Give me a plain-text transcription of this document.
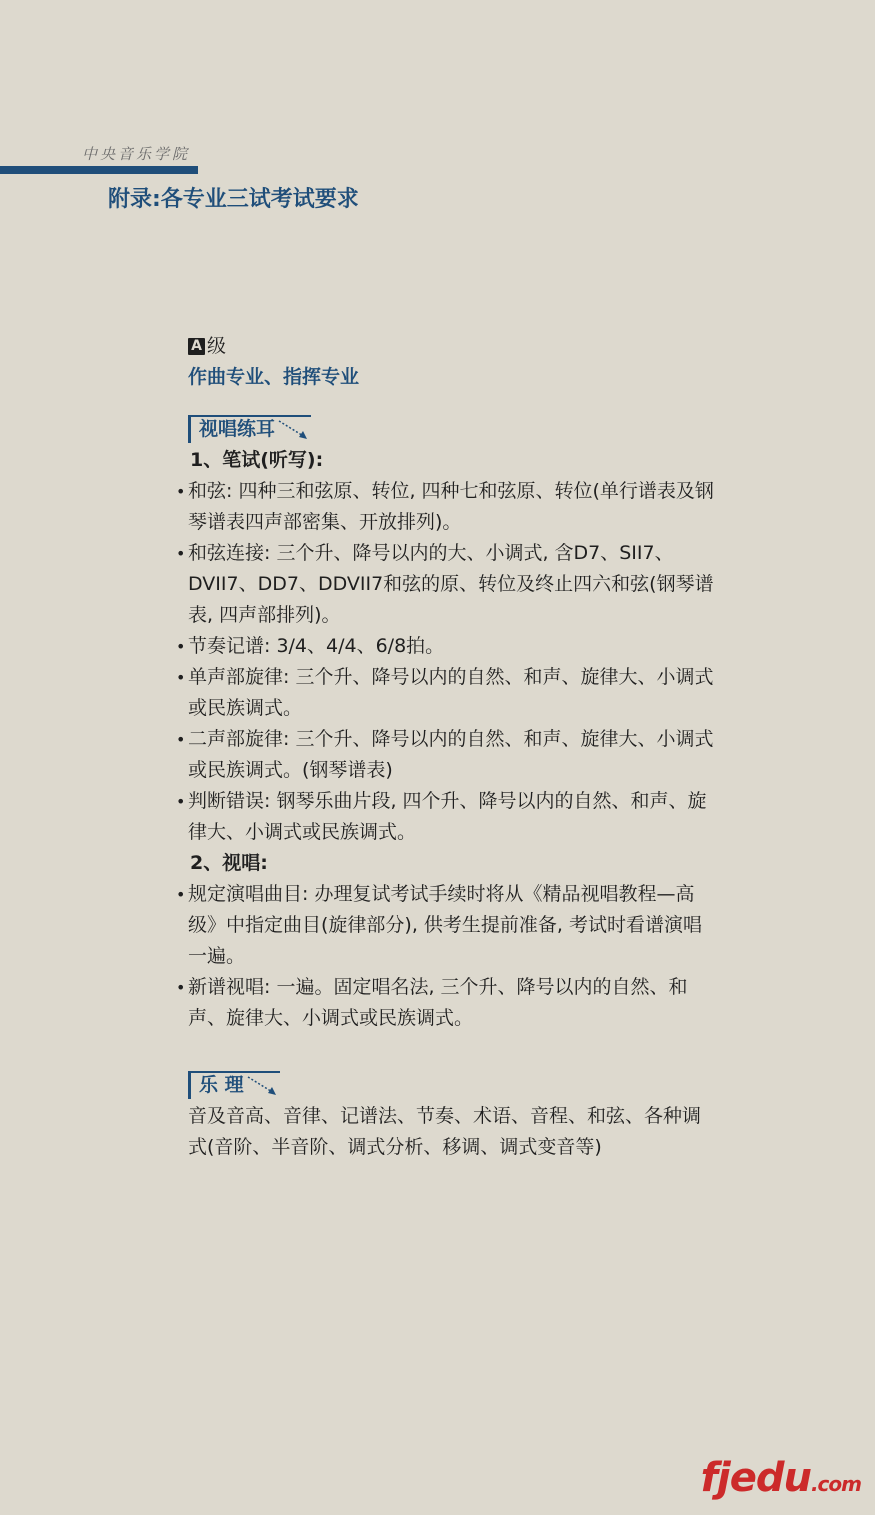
中央音乐学院
附录:各专业三试考试要求
A 级
作曲专业、指挥专业
视唱练耳

1、笔试(听写):

• 和弦: 四种三和弦原、转位, 四种七和弦原、转位(单行谱表及钢琴谱表四声部密集、开放排列)。

• 和弦连接: 三个升、降号以内的大、小调式, 含D7、SII7、DVII7、DD7、DDVII7和弦的原、转位及终止四六和弦(钢琴谱表, 四声部排列)。

• 节奏记谱: 3/4、4/4、6/8拍。

• 单声部旋律: 三个升、降号以内的自然、和声、旋律大、小调式或民族调式。

• 二声部旋律: 三个升、降号以内的自然、和声、旋律大、小调式或民族调式。(钢琴谱表)

• 判断错误: 钢琴乐曲片段, 四个升、降号以内的自然、和声、旋律大、小调式或民族调式。

2、视唱:

• 规定演唱曲目: 办理复试考试手续时将从《精品视唱教程—高级》中指定曲目(旋律部分), 供考生提前准备, 考试时看谱演唱一遍。

• 新谱视唱: 一遍。固定唱名法, 三个升、降号以内的自然、和声、旋律大、小调式或民族调式。

乐 理

音及音高、音律、记谱法、节奏、术语、音程、和弦、各种调式(音阶、半音阶、调式分析、移调、调式变音等)

fjedu.com
